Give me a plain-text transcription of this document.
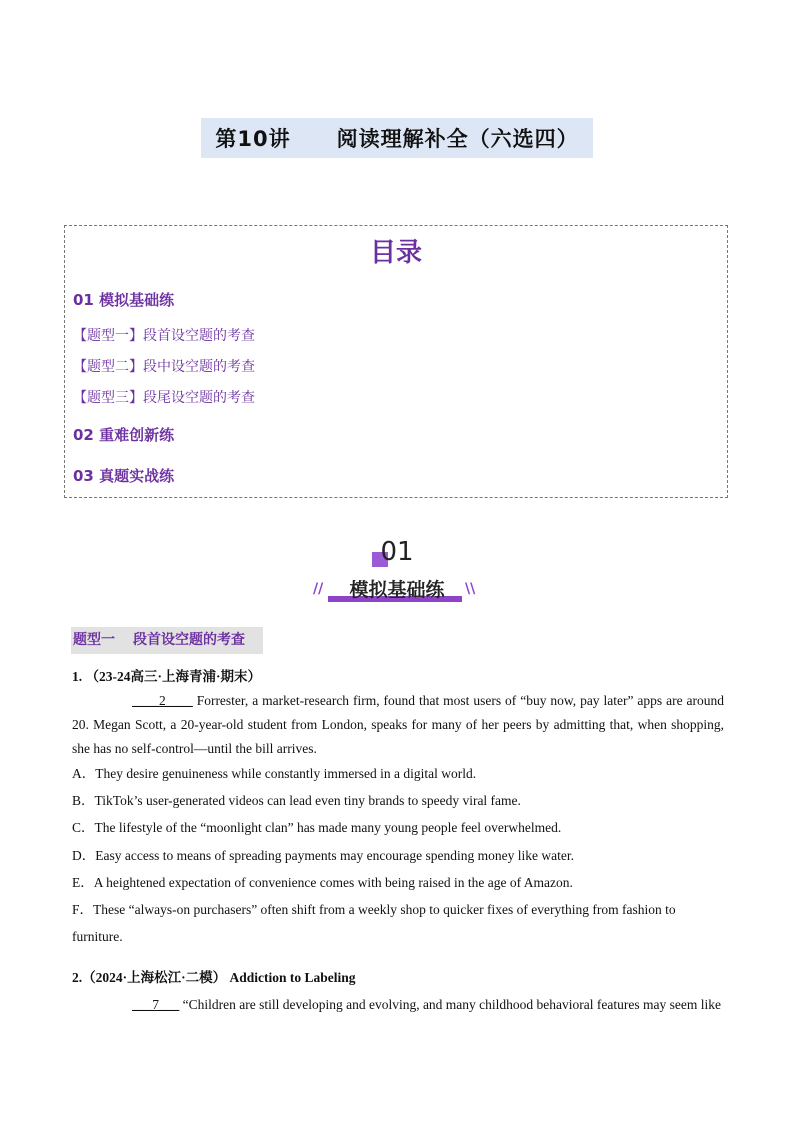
第10讲 阅读理解补全（六选四）
目录
01 模拟基础练
【题型一】段首设空题的考查
【题型二】段中设空题的考查
【题型三】段尾设空题的考查
02 重难创新练
03 真题实战练
01
//	模拟基础练	\\
题型一 段首设空题的考查
1. （23-24高三·上海青浦·期末）
____2____ Forrester, a market-research firm, found that most users of “buy now, pay later” apps are around 20. Megan Scott, a 20-year-old student from London, speaks for many of her peers by admitting that, when shopping, she has no self-control—until the bill arrives.
A．They desire genuineness while constantly immersed in a digital world.
B．TikTok’s user-generated videos can lead even tiny brands to speedy viral fame.
C．The lifestyle of the “moonlight clan” has made many young people feel overwhelmed.
D．Easy access to means of spreading payments may encourage spending money like water.
E．A heightened expectation of convenience comes with being raised in the age of Amazon.
F．These “always-on purchasers” often shift from a weekly shop to quicker fixes of everything from fashion to furniture.
2.（2024·上海松江·二模） Addiction to Labeling
___7___ “Children are still developing and evolving, and many childhood behavioral features may seem like
